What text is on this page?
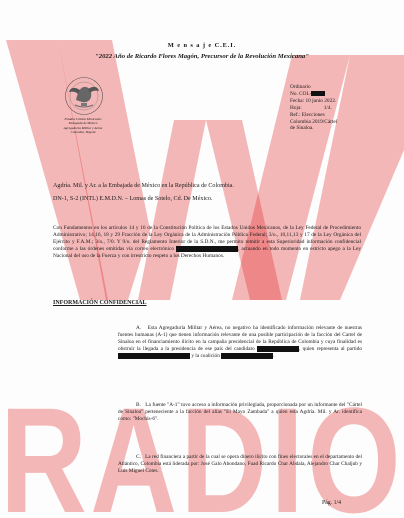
RADIO
M e n s a j e C.E.I.
"2022 Año de Ricardo Flores Magón, Precursor de la Revolución Mexicana"
Estados Unidos Mexicanos
Embajada de México
Agregaduría Militar y Aérea
Colombia, Bogotá
Ordinario
No. COL-
Fecha: 10 junio 2022.
Hoja:	1/4.
Ref.: Elecciones
Colombia 2019/Cártel
de Sinaloa.
Agdría. Mil. y Ar. a la Embajada de México en la República de Colombia.
DN-1, S-2 (INTL) E.M.D.N. – Lomas de Sotelo, Cd. De México.
Con Fundamentos en los artículos 14 y 16 de la Constitución Política de los Estados Unidos Mexicanos, de la Ley Federal de Procedimiento Administrativo; 14,16, 18 y 29 Fracción de la Ley Orgánica de la Administración Pública Federal; 3/o., 10,11,13 y 17 de la Ley Orgánica del Ejército y F.A.M.; 3/o., 7/0. Y 9/o. del Reglamento Interior de la S.D.N., me permito remitir a esta Superioridad información confidencial conforme a las órdenes emitidas vía correo electrónico	, actuando en todo momento en estricto apego a la Ley Nacional del uso de la Fuerza y con irrestricto respeto a los Derechos Humanos.
INFORMACIÓN CONFIDENCIAL
A. Esta Agregaduría Militar y Aérea, no negativo ha identificado información relevante de nuestras fuentes humanas (A-1) que tienen información relevante de una posible participación de la facción del Cartel de Sinaloa en el financiamiento ilícito en la campaña presidencial de la República de Colombia y cuya finalidad es obstruir la llegada a la presidencia de ese país del candidato	, quien representa al partido  y la coalición	.
B. La fuente "A-1" tuvo acceso a información privilegiada, proporcionada por un informante del "Cártel de Sinaloa" perteneciente a la facción del alias "El Mayo Zambada" a quien esta Agdría. Mil. y Ar. identifica como: "Mochis-6".
C. La red financiera a partir de la cual se opera dinero ilícito con fines electorales en el departamento del Atlántico, Colombia está liderada por: José Galo Abondano, Fuad Ricardo Char Abdala, Alejandro Char Chaljub y Luis Miguel Cotes.
Pág. 1/4
